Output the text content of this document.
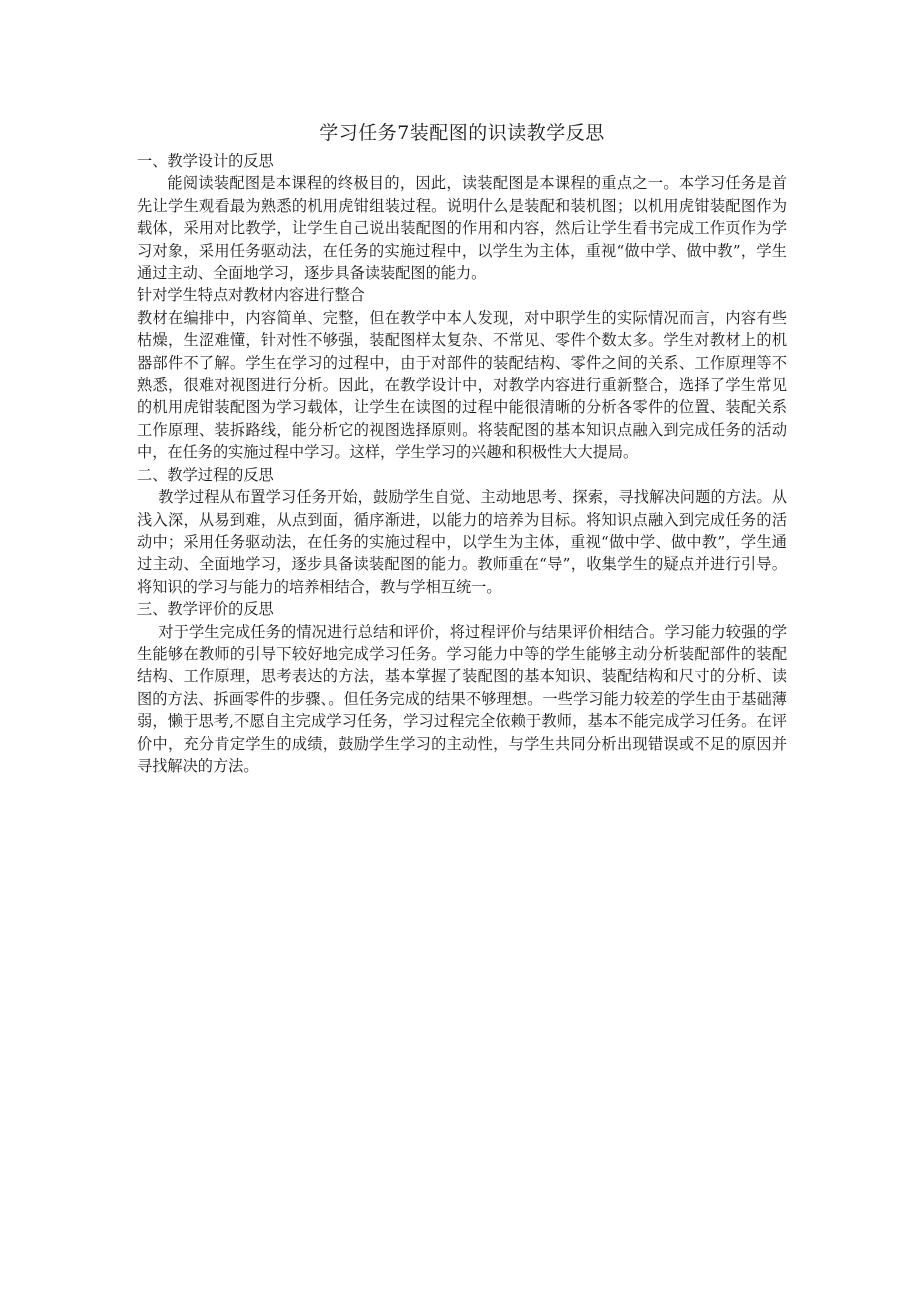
学习任务7装配图的识读教学反思

一、教学设计的反思

能阅读装配图是本课程的终极目的，因此，读装配图是本课程的重点之一。本学习任务是首先让学生观看最为熟悉的机用虎钳组装过程。说明什么是装配和装机图；以机用虎钳装配图作为载体，采用对比教学，让学生自己说出装配图的作用和内容，然后让学生看书完成工作页作为学习对象，采用任务驱动法，在任务的实施过程中，以学生为主体，重视“做中学、做中教”，学生通过主动、全面地学习，逐步具备读装配图的能力。

针对学生特点对教材内容进行整合

教材在编排中，内容简单、完整，但在教学中本人发现，对中职学生的实际情况而言，内容有些枯燥，生涩难懂，针对性不够强，装配图样太复杂、不常见、零件个数太多。学生对教材上的机器部件不了解。学生在学习的过程中，由于对部件的装配结构、零件之间的关系、工作原理等不熟悉，很难对视图进行分析。因此，在教学设计中，对教学内容进行重新整合，选择了学生常见的机用虎钳装配图为学习载体，让学生在读图的过程中能很清晰的分析各零件的位置、装配关系工作原理、装拆路线，能分析它的视图选择原则。将装配图的基本知识点融入到完成任务的活动中，在任务的实施过程中学习。这样，学生学习的兴趣和积极性大大提局。

二、教学过程的反思

教学过程从布置学习任务开始，鼓励学生自觉、主动地思考、探索，寻找解决问题的方法。从浅入深，从易到难，从点到面，循序渐进，以能力的培养为目标。将知识点融入到完成任务的活动中；采用任务驱动法，在任务的实施过程中，以学生为主体，重视“做中学、做中教”，学生通过主动、全面地学习，逐步具备读装配图的能力。教师重在“导”，收集学生的疑点并进行引导。将知识的学习与能力的培养相结合，教与学相互统一。

三、教学评价的反思

对于学生完成任务的情况进行总结和评价，将过程评价与结果评价相结合。学习能力较强的学生能够在教师的引导下较好地完成学习任务。学习能力中等的学生能够主动分析装配部件的装配结构、工作原理，思考表达的方法，基本掌握了装配图的基本知识、装配结构和尺寸的分析、读图的方法、拆画零件的步骤、。但任务完成的结果不够理想。一些学习能力较差的学生由于基础薄弱，懒于思考,不愿自主完成学习任务，学习过程完全依赖于教师，基本不能完成学习任务。在评价中，充分肯定学生的成绩，鼓励学生学习的主动性，与学生共同分析出现错误或不足的原因并寻找解决的方法。
